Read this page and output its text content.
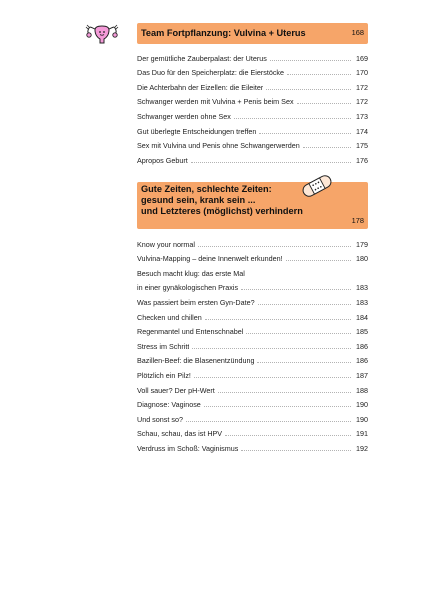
Team Fortpflanzung: Vulvina + Uterus	168
Der gemütliche Zauberpalast: der Uterus	169
Das Duo für den Speicherplatz: die Eierstöcke	170
Die Achterbahn der Eizellen: die Eileiter	172
Schwanger werden mit Vulvina + Penis beim Sex	172
Schwanger werden ohne Sex	173
Gut überlegte Entscheidungen treffen	174
Sex mit Vulvina und Penis ohne Schwangerwerden	175
Apropos Geburt	176
Gute Zeiten, schlechte Zeiten:
gesund sein, krank sein ...
und Letzteres (möglichst) verhindern
178
Know your normal	179
Vulvina-Mapping – deine Innenwelt erkunden!	180
Besuch macht klug: das erste Mal
in einer gynäkologischen Praxis	183
Was passiert beim ersten Gyn-Date?	183
Checken und chillen	184
Regenmantel und Entenschnabel	185
Stress im Schritt	186
Bazillen-Beef: die Blasenentzündung	186
Plötzlich ein Pilz!	187
Voll sauer? Der pH-Wert	188
Diagnose: Vaginose	190
Und sonst so?	190
Schau, schau, das ist HPV	191
Verdruss im Schoß: Vaginismus	192
